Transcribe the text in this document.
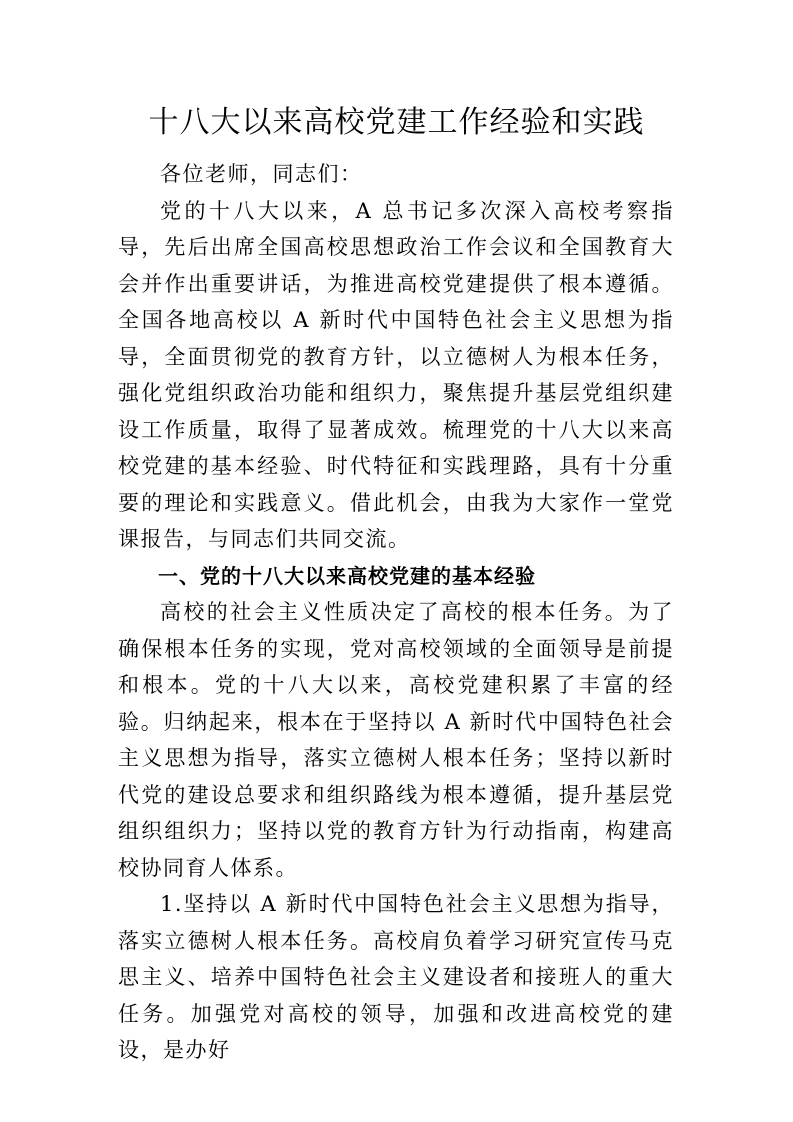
十八大以来高校党建工作经验和实践

各位老师，同志们：

党的十八大以来，A 总书记多次深入高校考察指导，先后出席全国高校思想政治工作会议和全国教育大会并作出重要讲话，为推进高校党建提供了根本遵循。全国各地高校以 A 新时代中国特色社会主义思想为指导，全面贯彻党的教育方针，以立德树人为根本任务，强化党组织政治功能和组织力，聚焦提升基层党组织建设工作质量，取得了显著成效。梳理党的十八大以来高校党建的基本经验、时代特征和实践理路，具有十分重要的理论和实践意义。借此机会，由我为大家作一堂党课报告，与同志们共同交流。

一、党的十八大以来高校党建的基本经验

高校的社会主义性质决定了高校的根本任务。为了确保根本任务的实现，党对高校领域的全面领导是前提和根本。党的十八大以来，高校党建积累了丰富的经验。归纳起来，根本在于坚持以 A 新时代中国特色社会主义思想为指导，落实立德树人根本任务；坚持以新时代党的建设总要求和组织路线为根本遵循，提升基层党组织组织力；坚持以党的教育方针为行动指南，构建高校协同育人体系。

1.坚持以 A 新时代中国特色社会主义思想为指导，落实立德树人根本任务。高校肩负着学习研究宣传马克思主义、培养中国特色社会主义建设者和接班人的重大任务。加强党对高校的领导，加强和改进高校党的建设，是办好
